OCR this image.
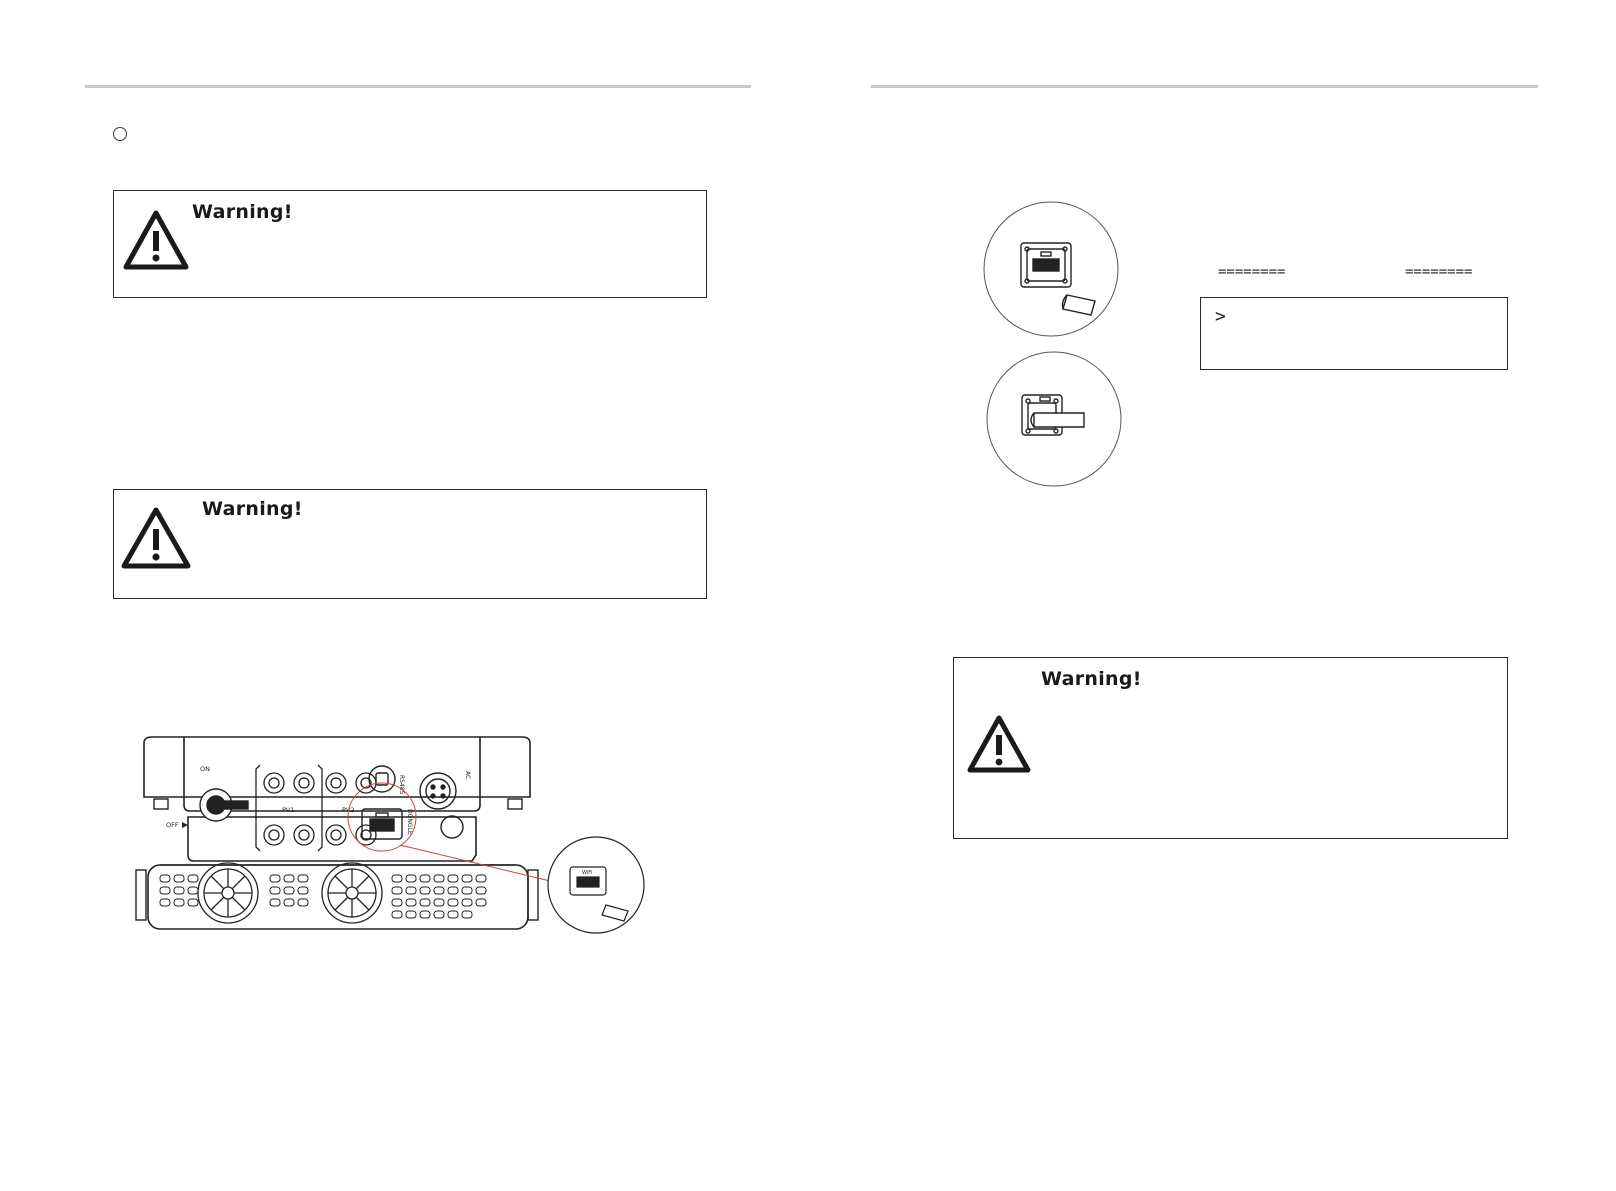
Warning!
Warning!
ON
OFF
PV1	PV2
RS485
DONGLE
AC
WiFi
========	========
>
Warning!
